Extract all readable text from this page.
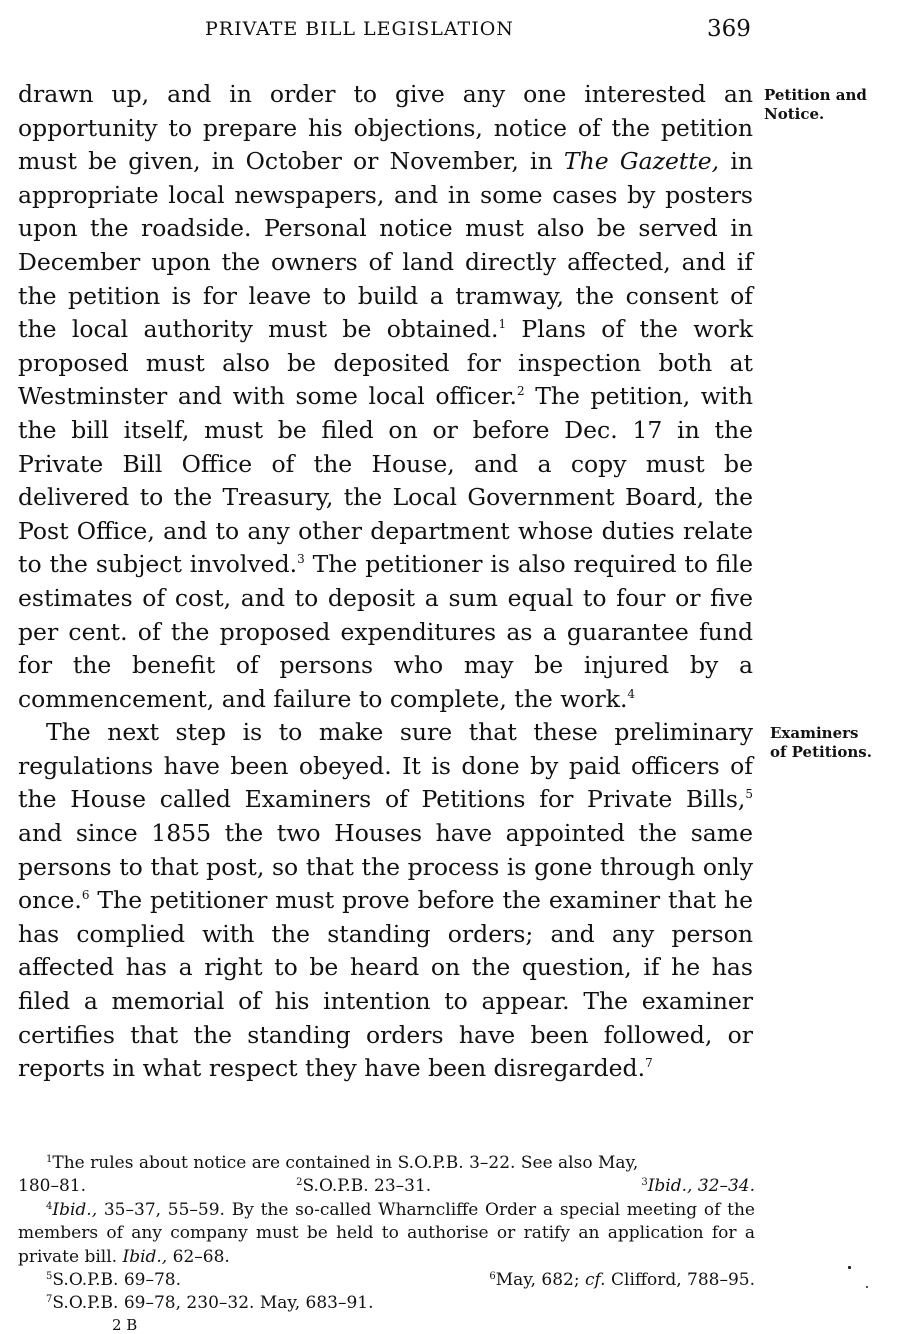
PRIVATE BILL LEGISLATION	369
Petition and Notice.
Examiners of Petitions.

drawn up, and in order to give any one interested an opportunity to prepare his objections, notice of the petition must be given, in October or November, in The Gazette, in appropriate local newspapers, and in some cases by posters upon the roadside. Personal notice must also be served in December upon the owners of land directly affected, and if the petition is for leave to build a tramway, the consent of the local authority must be obtained.$^1$ Plans of the work proposed must also be deposited for inspection both at Westminster and with some local officer.$^2$ The petition, with the bill itself, must be filed on or before Dec. 17 in the Private Bill Office of the House, and a copy must be delivered to the Treasury, the Local Government Board, the Post Office, and to any other department whose duties relate to the subject involved.$^3$ The petitioner is also required to file estimates of cost, and to deposit a sum equal to four or five per cent. of the proposed expenditures as a guarantee fund for the benefit of persons who may be injured by a commencement, and failure to complete, the work.$^4$

The next step is to make sure that these preliminary regulations have been obeyed. It is done by paid officers of the House called Examiners of Petitions for Private Bills,$^5$ and since 1855 the two Houses have appointed the same persons to that post, so that the process is gone through only once.$^6$ The petitioner must prove before the examiner that he has complied with the standing orders; and any person affected has a right to be heard on the question, if he has filed a memorial of his intention to appear. The examiner certifies that the standing orders have been followed, or reports in what respect they have been disregarded.$^7$

$^1$The rules about notice are contained in S.O.P.B. 3–22. See also May,

180–81.	$^2$S.O.P.B. 23–31.	$^3$Ibid., 32–34.

$^4$Ibid., 35–37, 55–59. By the so-called Wharncliffe Order a special meeting of the members of any company must be held to authorise or ratify an application for a private bill. Ibid., 62–68.

$^5$S.O.P.B. 69–78.	$^6$May, 682; cf. Clifford, 788–95.

$^7$S.O.P.B. 69–78, 230–32. May, 683–91.

2 B
